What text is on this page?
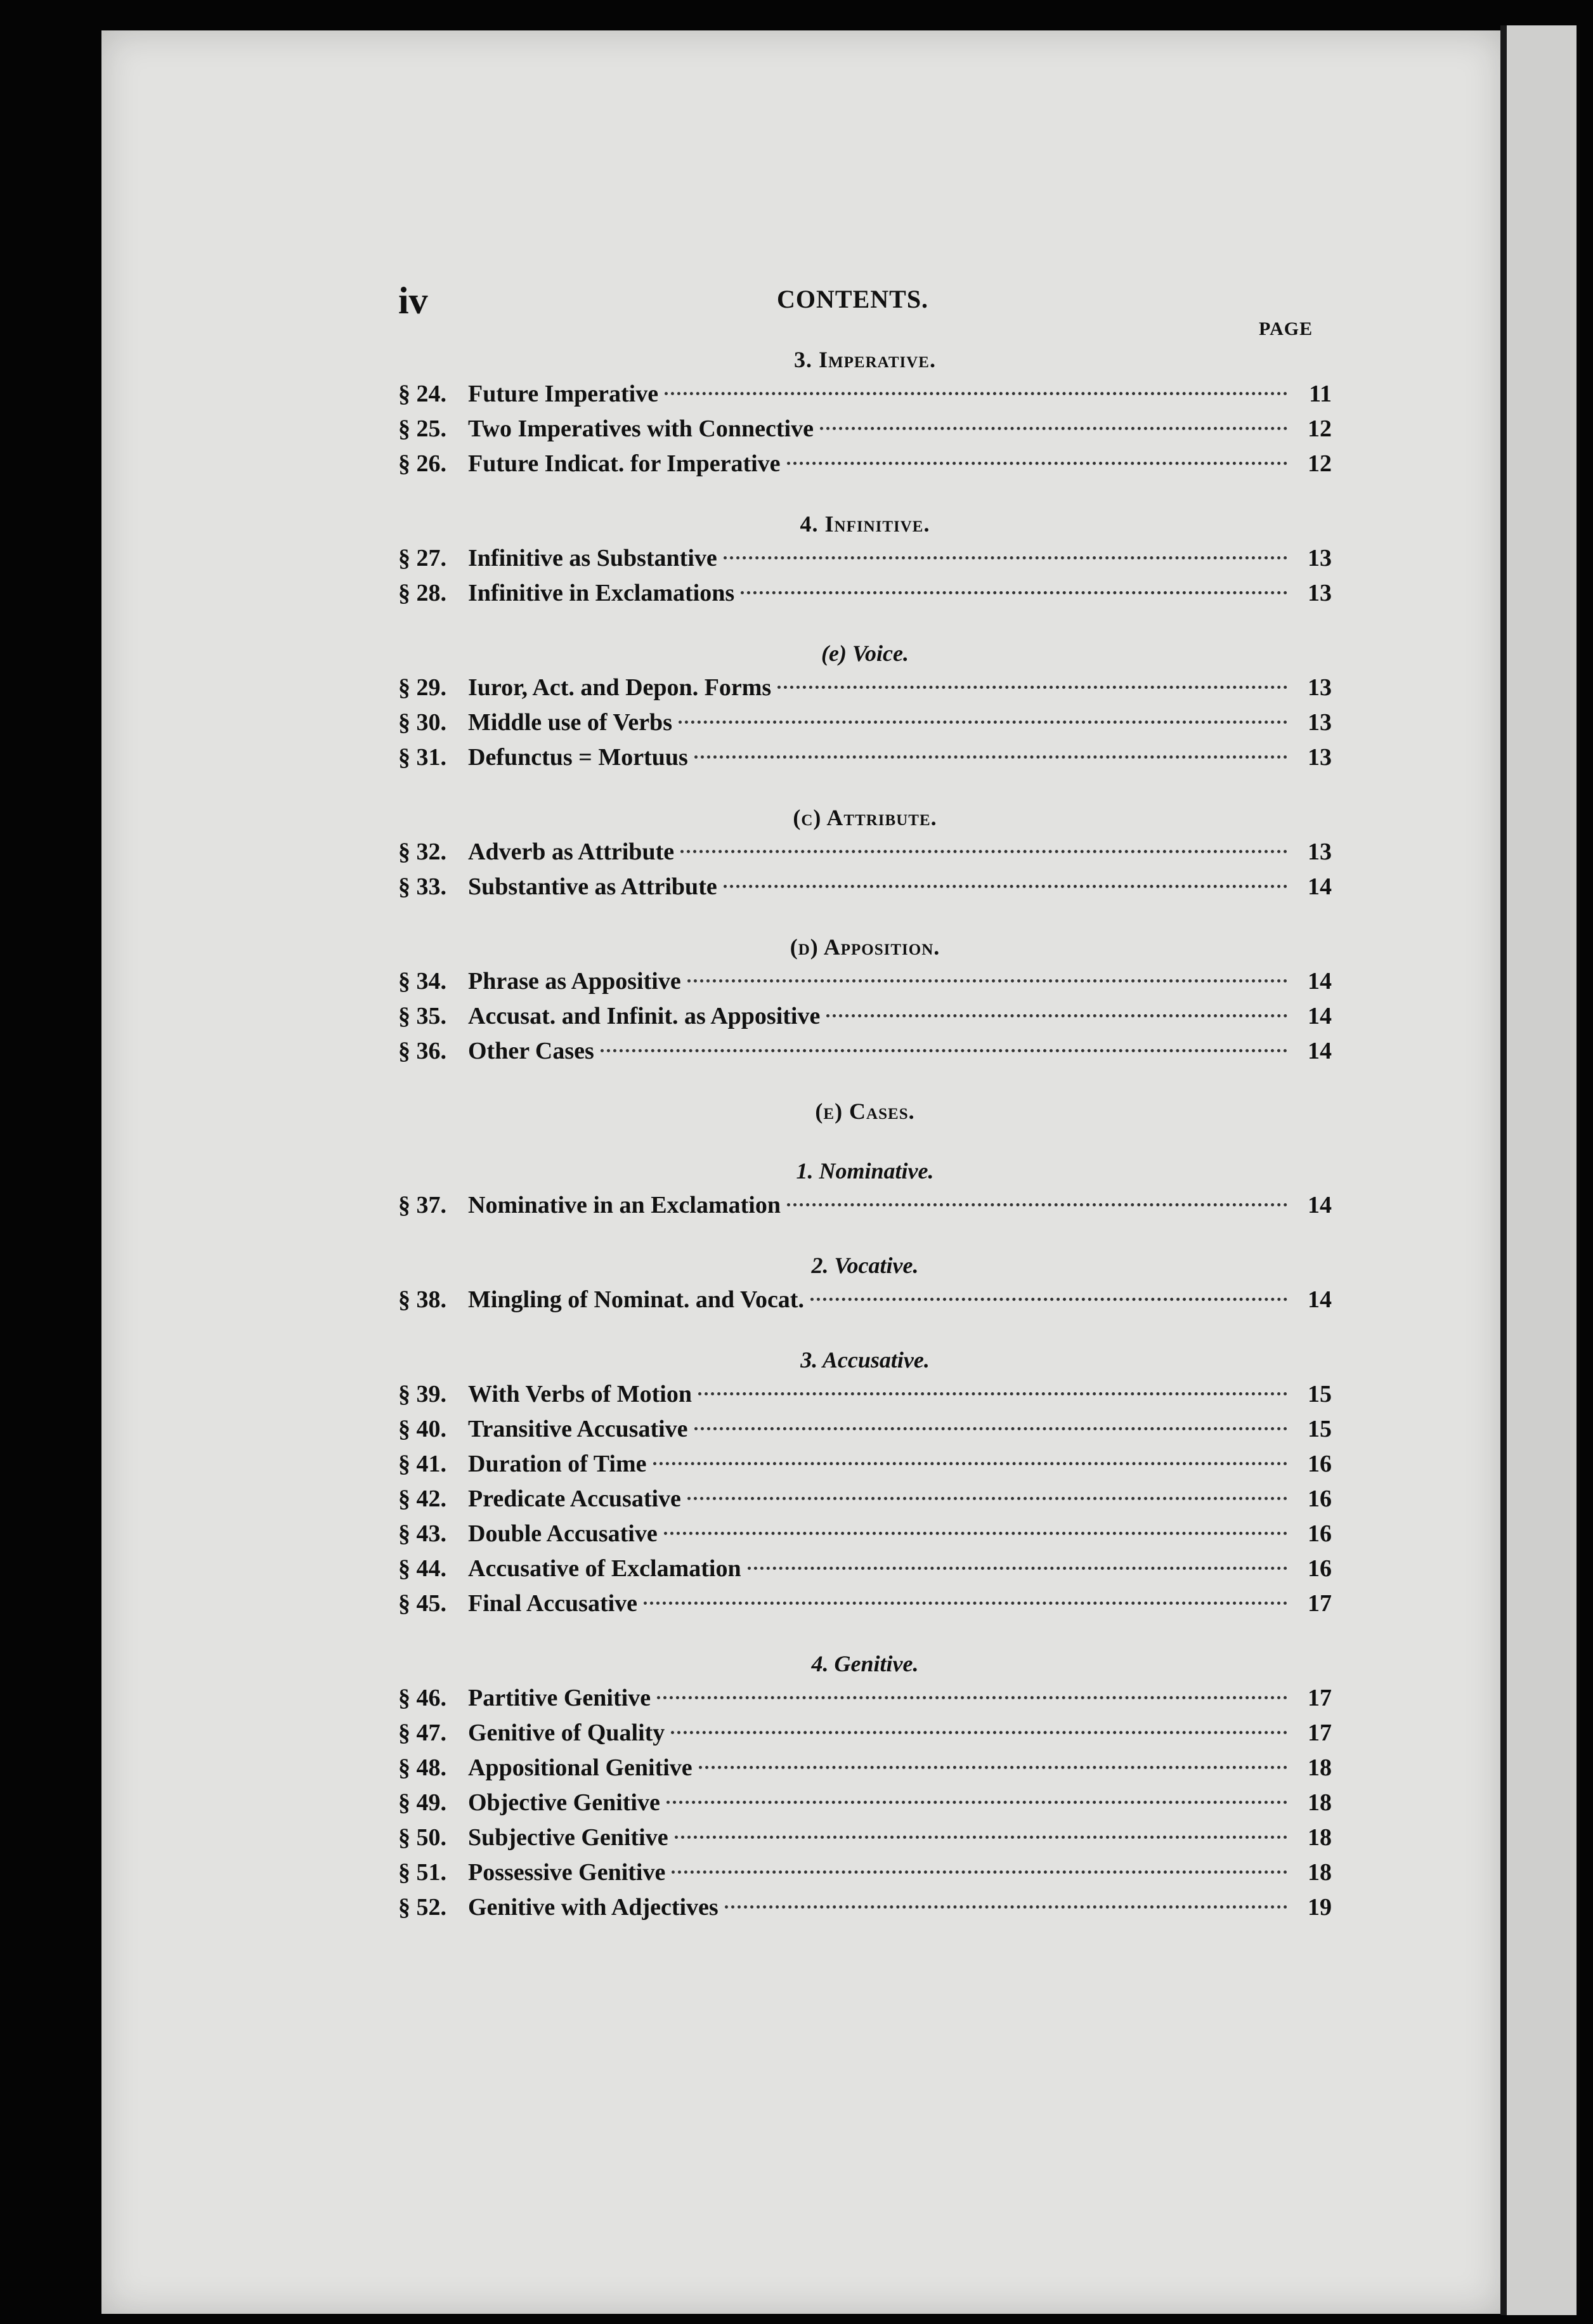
iv	CONTENTS.
PAGE
3. Imperative.
§ 24. Future Imperative	11
§ 25. Two Imperatives with Connective	12
§ 26. Future Indicat. for Imperative	12
4. Infinitive.
§ 27. Infinitive as Substantive	13
§ 28. Infinitive in Exclamations	13
(e) Voice.
§ 29. Iuror, Act. and Depon. Forms	13
§ 30. Middle use of Verbs	13
§ 31. Defunctus = Mortuus	13
(c) Attribute.
§ 32. Adverb as Attribute	13
§ 33. Substantive as Attribute	14
(d) Apposition.
§ 34. Phrase as Appositive	14
§ 35. Accusat. and Infinit. as Appositive	14
§ 36. Other Cases	14
(e) Cases.
1. Nominative.
§ 37. Nominative in an Exclamation	14
2. Vocative.
§ 38. Mingling of Nominat. and Vocat.	14
3. Accusative.
§ 39. With Verbs of Motion	15
§ 40. Transitive Accusative	15
§ 41. Duration of Time	16
§ 42. Predicate Accusative	16
§ 43. Double Accusative	16
§ 44. Accusative of Exclamation	16
§ 45. Final Accusative	17
4. Genitive.
§ 46. Partitive Genitive	17
§ 47. Genitive of Quality	17
§ 48. Appositional Genitive	18
§ 49. Objective Genitive	18
§ 50. Subjective Genitive	18
§ 51. Possessive Genitive	18
§ 52. Genitive with Adjectives	19
